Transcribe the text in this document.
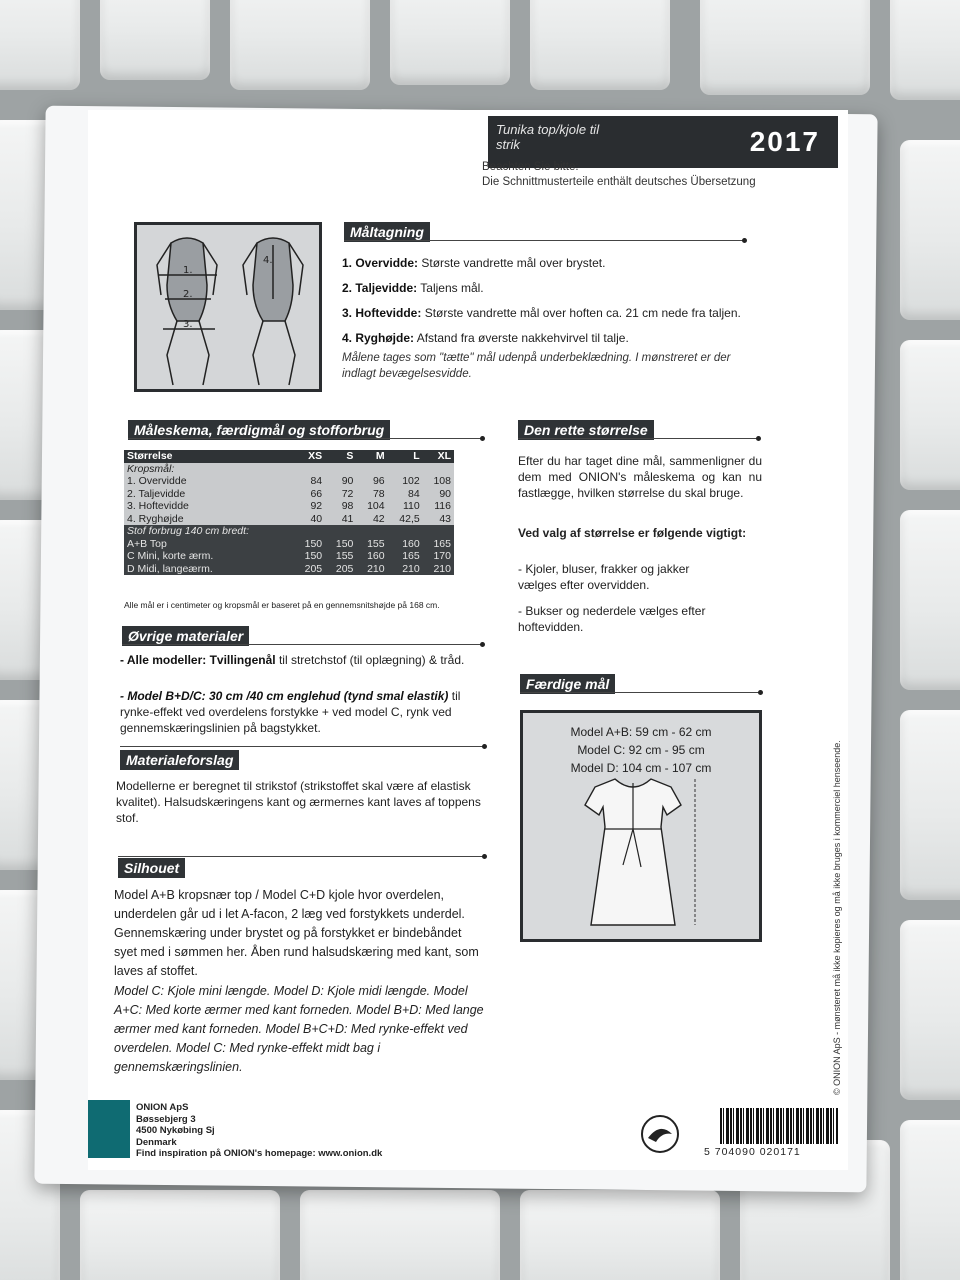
Tunika top/kjole til strik	2017
Beachten Sie bitte:
Die Schnittmusterteile enthält deutsches Übersetzung
1.
2.
3.
4.
Måltagning
1. Overvidde: Største vandrette mål over brystet.
2. Taljevidde: Taljens mål.
3. Hoftevidde: Største vandrette mål over hoften ca. 21 cm nede fra taljen.
4. Ryghøjde: Afstand fra øverste nakkehvirvel til talje.
Målene tages som "tætte" mål udenpå underbeklædning. I mønstreret er der indlagt bevægelsesvidde.
Måleskema, færdigmål og stofforbrug
Størrelse	XS	S	M	L	XL
Kropsmål:					
1. Overvidde	84	90	96	102	108
2. Taljevidde	66	72	78	84	90
3. Hoftevidde	92	98	104	110	116
4. Ryghøjde	40	41	42	42,5	43
Stof forbrug 140 cm bredt:					
A+B Top	150	150	155	160	165
C Mini, korte ærm.	150	155	160	165	170
D Midi, langeærm.	205	205	210	210	210
Alle mål er i centimeter og kropsmål er baseret på en gennemsnitshøjde på 168 cm.
Den rette størrelse
Efter du har taget dine mål, sammenligner du dem med ONION's måleskema og kan nu fastlægge, hvilken størrelse du skal bruge.
Ved valg af størrelse er følgende vigtigt:
- Kjoler, bluser, frakker og jakker vælges efter overvidden.
- Bukser og nederdele vælges efter hoftevidden.
Øvrige materialer
- Alle modeller: Tvillingenål til stretchstof (til oplægning) & tråd.
- Model B+D/C: 30 cm /40 cm englehud (tynd smal elastik) til rynke-effekt ved overdelens forstykke + ved model C, rynk ved gennemskæringslinien på bagstykket.
Materialeforslag
Modellerne er beregnet til strikstof (strikstoffet skal være af elastisk kvalitet). Halsudskæringens kant og ærmernes kant laves af toppens stof.
Silhouet
Model A+B kropsnær top / Model C+D kjole hvor overdelen, underdelen går ud i let A-facon, 2 læg ved forstykkets underdel. Gennemskæring under brystet og på forstykket er bindebåndet syet med i sømmen her. Åben rund halsudskæring med kant, som laves af stoffet.
Model C: Kjole mini længde. Model D: Kjole midi længde. Model A+C: Med korte ærmer med kant forneden. Model B+D: Med lange ærmer med kant forneden. Model B+C+D: Med rynke-effekt ved overdelen. Model C: Med rynke-effekt midt bag i gennemskæringslinien.
Færdige mål
Model A+B: 59 cm - 62 cm
Model C: 92 cm - 95 cm
Model D: 104 cm - 107 cm
ONION ApS
Bøssebjerg 3
4500 Nykøbing Sj
Denmark
Find inspiration på ONION's homepage: www.onion.dk	5 704090 020171
© ONION ApS - mønsteret må ikke kopieres og må ikke bruges i kommerciel henseende.
